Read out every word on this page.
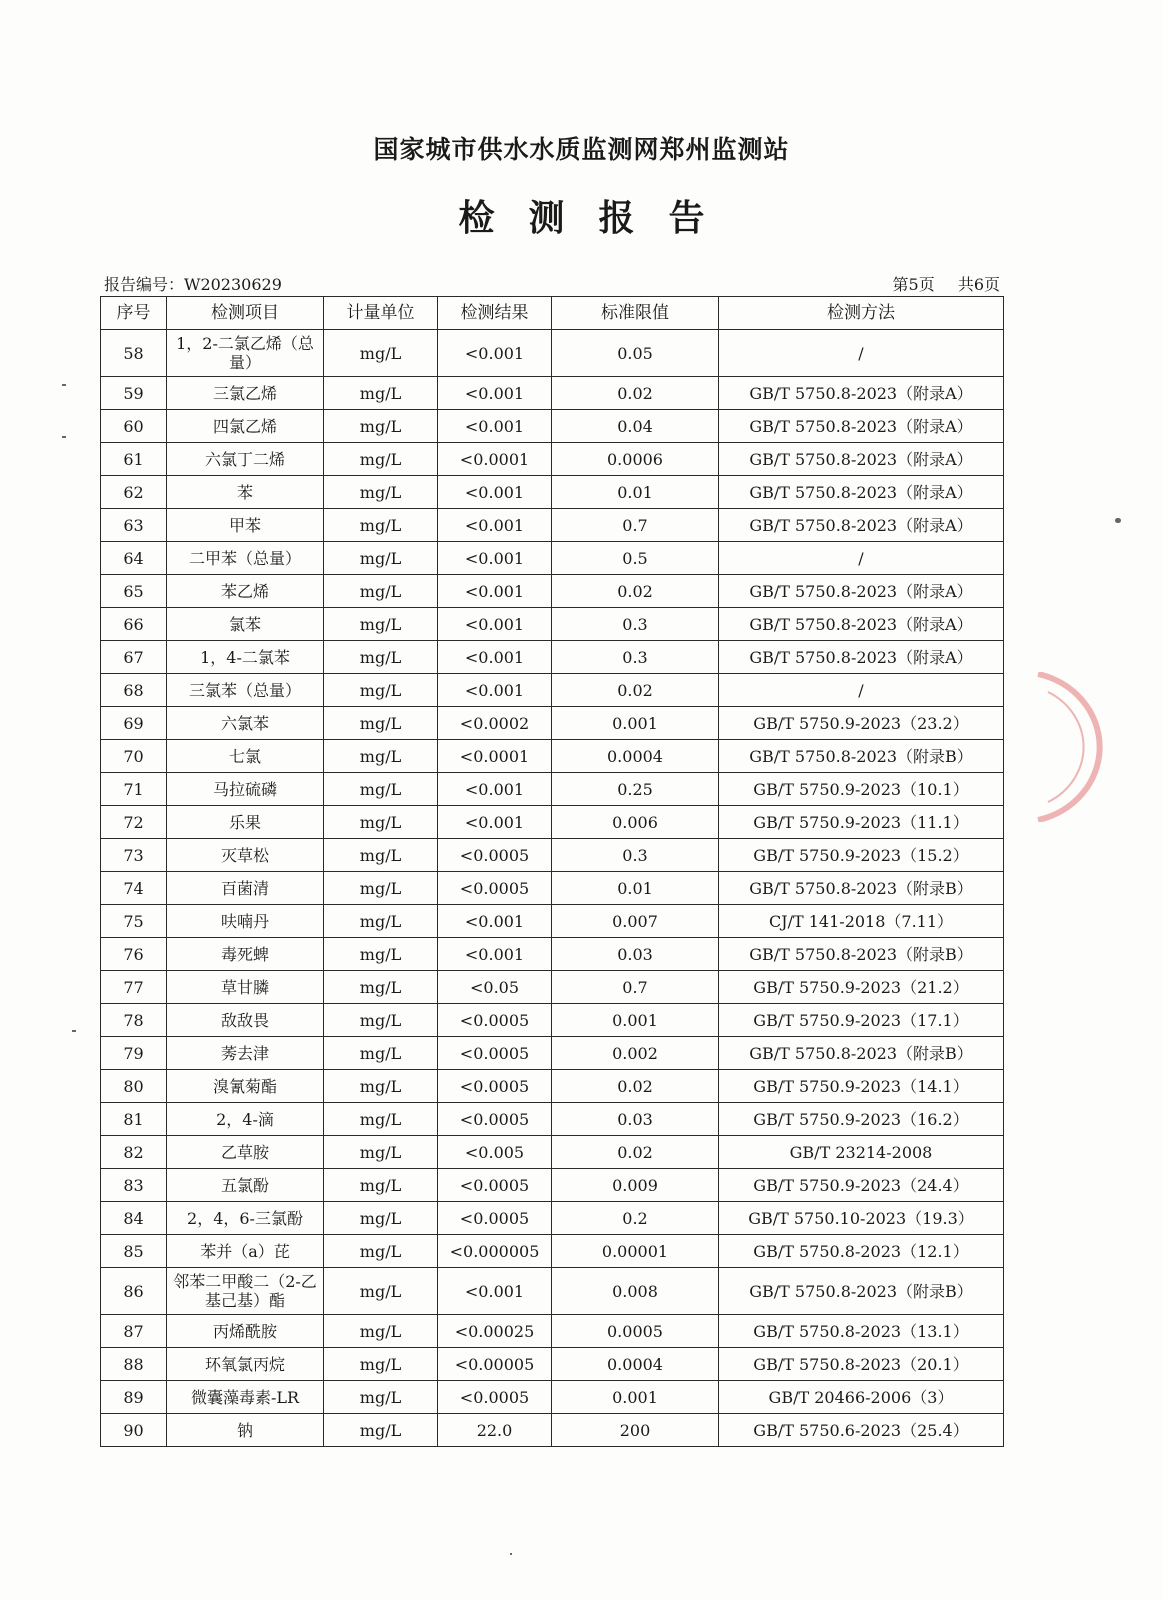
国家城市供水水质监测网郑州监测站
检测报告
报告编号：W20230629	第5页 共6页
序号	检测项目	计量单位	检测结果	标准限值	检测方法
58	1，2-二氯乙烯（总量）	mg/L	<0.001	0.05	/
59	三氯乙烯	mg/L	<0.001	0.02	GB/T 5750.8-2023（附录A）
60	四氯乙烯	mg/L	<0.001	0.04	GB/T 5750.8-2023（附录A）
61	六氯丁二烯	mg/L	<0.0001	0.0006	GB/T 5750.8-2023（附录A）
62	苯	mg/L	<0.001	0.01	GB/T 5750.8-2023（附录A）
63	甲苯	mg/L	<0.001	0.7	GB/T 5750.8-2023（附录A）
64	二甲苯（总量）	mg/L	<0.001	0.5	/
65	苯乙烯	mg/L	<0.001	0.02	GB/T 5750.8-2023（附录A）
66	氯苯	mg/L	<0.001	0.3	GB/T 5750.8-2023（附录A）
67	1，4-二氯苯	mg/L	<0.001	0.3	GB/T 5750.8-2023（附录A）
68	三氯苯（总量）	mg/L	<0.001	0.02	/
69	六氯苯	mg/L	<0.0002	0.001	GB/T 5750.9-2023（23.2）
70	七氯	mg/L	<0.0001	0.0004	GB/T 5750.8-2023（附录B）
71	马拉硫磷	mg/L	<0.001	0.25	GB/T 5750.9-2023（10.1）
72	乐果	mg/L	<0.001	0.006	GB/T 5750.9-2023（11.1）
73	灭草松	mg/L	<0.0005	0.3	GB/T 5750.9-2023（15.2）
74	百菌清	mg/L	<0.0005	0.01	GB/T 5750.8-2023（附录B）
75	呋喃丹	mg/L	<0.001	0.007	CJ/T 141-2018（7.11）
76	毒死蜱	mg/L	<0.001	0.03	GB/T 5750.8-2023（附录B）
77	草甘膦	mg/L	<0.05	0.7	GB/T 5750.9-2023（21.2）
78	敌敌畏	mg/L	<0.0005	0.001	GB/T 5750.9-2023（17.1）
79	莠去津	mg/L	<0.0005	0.002	GB/T 5750.8-2023（附录B）
80	溴氰菊酯	mg/L	<0.0005	0.02	GB/T 5750.9-2023（14.1）
81	2，4-滴	mg/L	<0.0005	0.03	GB/T 5750.9-2023（16.2）
82	乙草胺	mg/L	<0.005	0.02	GB/T 23214-2008
83	五氯酚	mg/L	<0.0005	0.009	GB/T 5750.9-2023（24.4）
84	2，4，6-三氯酚	mg/L	<0.0005	0.2	GB/T 5750.10-2023（19.3）
85	苯并（a）芘	mg/L	<0.000005	0.00001	GB/T 5750.8-2023（12.1）
86	邻苯二甲酸二（2-乙基己基）酯	mg/L	<0.001	0.008	GB/T 5750.8-2023（附录B）
87	丙烯酰胺	mg/L	<0.00025	0.0005	GB/T 5750.8-2023（13.1）
88	环氧氯丙烷	mg/L	<0.00005	0.0004	GB/T 5750.8-2023（20.1）
89	微囊藻毒素-LR	mg/L	<0.0005	0.001	GB/T 20466-2006（3）
90	钠	mg/L	22.0	200	GB/T 5750.6-2023（25.4）
